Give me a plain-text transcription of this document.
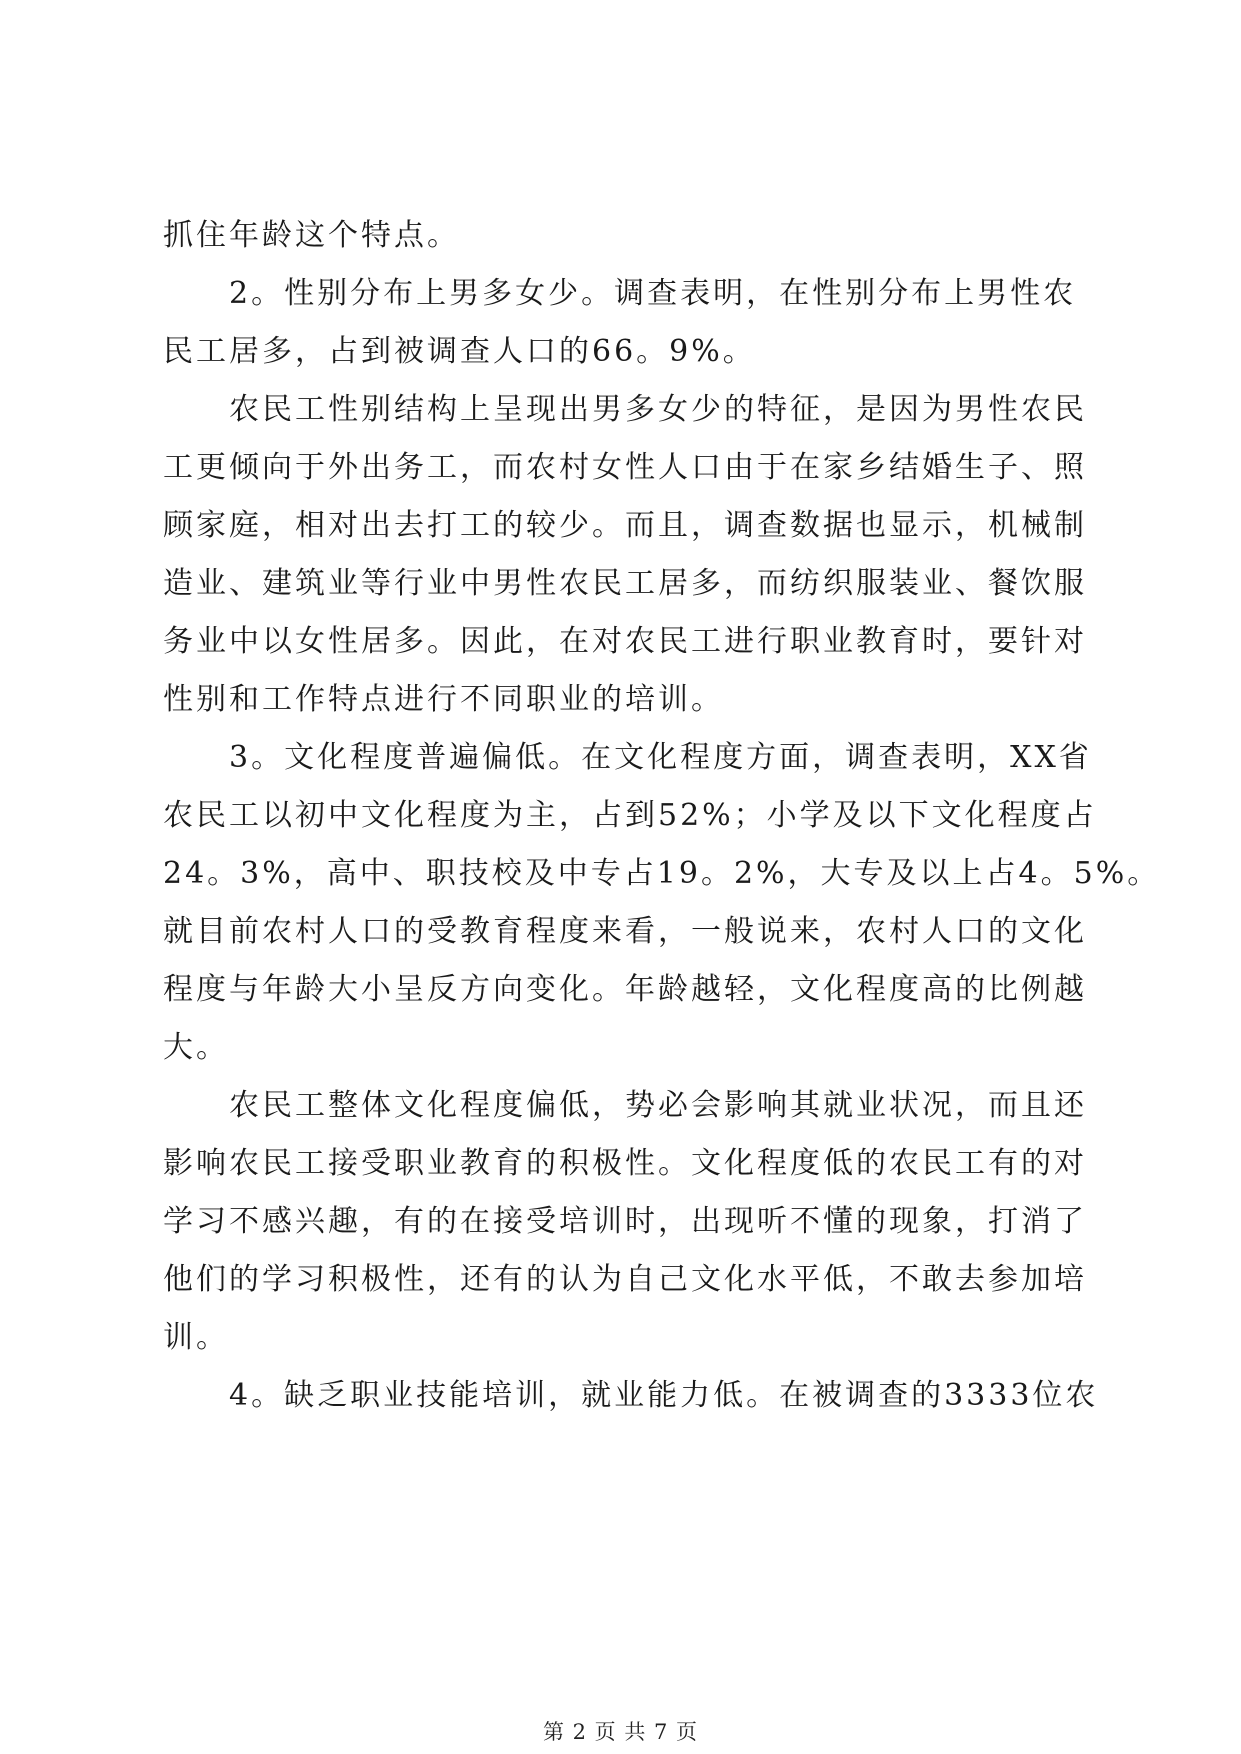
抓住年龄这个特点。
2。性别分布上男多女少。调查表明，在性别分布上男性农
民工居多，占到被调查人口的66。9%。
农民工性别结构上呈现出男多女少的特征，是因为男性农民
工更倾向于外出务工，而农村女性人口由于在家乡结婚生子、照
顾家庭，相对出去打工的较少。而且，调查数据也显示，机械制
造业、建筑业等行业中男性农民工居多，而纺织服装业、餐饮服
务业中以女性居多。因此，在对农民工进行职业教育时，要针对
性别和工作特点进行不同职业的培训。
3。文化程度普遍偏低。在文化程度方面，调查表明，XX省
农民工以初中文化程度为主，占到52%；小学及以下文化程度占
24。3%，高中、职技校及中专占19。2%，大专及以上占4。5%。
就目前农村人口的受教育程度来看，一般说来，农村人口的文化
程度与年龄大小呈反方向变化。年龄越轻，文化程度高的比例越
大。
农民工整体文化程度偏低，势必会影响其就业状况，而且还
影响农民工接受职业教育的积极性。文化程度低的农民工有的对
学习不感兴趣，有的在接受培训时，出现听不懂的现象，打消了
他们的学习积极性，还有的认为自己文化水平低，不敢去参加培
训。
4。缺乏职业技能培训，就业能力低。在被调查的3333位农
第 2 页 共 7 页
